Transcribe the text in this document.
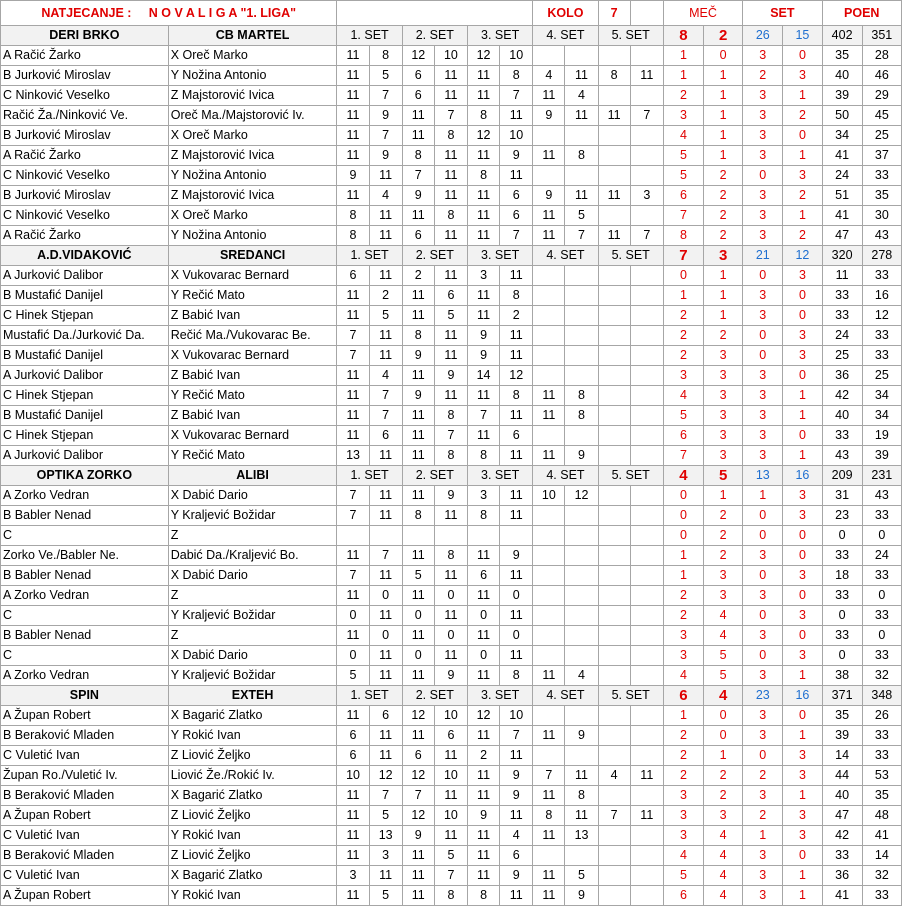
NATJECANJE : N O V A L I G A "1. LIGA"								KOLO		7		MEČ		SET		POEN	
DERI BRKO	CB MARTEL	1. SET		2. SET		3. SET		4. SET		5. SET		8	2	26	15	402	351
A Račić Žarko	X Oreč Marko	11	8	12	10	12	10					1	0	3	0	35	28
B Jurković Miroslav	Y Nožina Antonio	11	5	6	11	11	8	4	11	8	11	1	1	2	3	40	46
C Ninković Veselko	Z Majstorović Ivica	11	7	6	11	11	7	11	4			2	1	3	1	39	29
Račić Ža./Ninković Ve.	Oreč Ma./Majstorović Iv.	11	9	11	7	8	11	9	11	11	7	3	1	3	2	50	45
B Jurković Miroslav	X Oreč Marko	11	7	11	8	12	10					4	1	3	0	34	25
A Račić Žarko	Z Majstorović Ivica	11	9	8	11	11	9	11	8			5	1	3	1	41	37
C Ninković Veselko	Y Nožina Antonio	9	11	7	11	8	11					5	2	0	3	24	33
B Jurković Miroslav	Z Majstorović Ivica	11	4	9	11	11	6	9	11	11	3	6	2	3	2	51	35
C Ninković Veselko	X Oreč Marko	8	11	11	8	11	6	11	5			7	2	3	1	41	30
A Račić Žarko	Y Nožina Antonio	8	11	6	11	11	7	11	7	11	7	8	2	3	2	47	43
A.D.VIDAKOVIĆ	SREDANCI	1. SET		2. SET		3. SET		4. SET		5. SET		7	3	21	12	320	278
A Jurković Dalibor	X Vukovarac Bernard	6	11	2	11	3	11					0	1	0	3	11	33
B Mustafić Danijel	Y Rečić Mato	11	2	11	6	11	8					1	1	3	0	33	16
C Hinek Stjepan	Z Babić Ivan	11	5	11	5	11	2					2	1	3	0	33	12
Mustafić Da./Jurković Da.	Rečić Ma./Vukovarac Be.	7	11	8	11	9	11					2	2	0	3	24	33
B Mustafić Danijel	X Vukovarac Bernard	7	11	9	11	9	11					2	3	0	3	25	33
A Jurković Dalibor	Z Babić Ivan	11	4	11	9	14	12					3	3	3	0	36	25
C Hinek Stjepan	Y Rečić Mato	11	7	9	11	11	8	11	8			4	3	3	1	42	34
B Mustafić Danijel	Z Babić Ivan	11	7	11	8	7	11	11	8			5	3	3	1	40	34
C Hinek Stjepan	X Vukovarac Bernard	11	6	11	7	11	6					6	3	3	0	33	19
A Jurković Dalibor	Y Rečić Mato	13	11	11	8	8	11	11	9			7	3	3	1	43	39
OPTIKA ZORKO	ALIBI	1. SET		2. SET		3. SET		4. SET		5. SET		4	5	13	16	209	231
A Zorko Vedran	X Dabić Dario	7	11	11	9	3	11	10	12			0	1	1	3	31	43
B Babler Nenad	Y Kraljević Božidar	7	11	8	11	8	11					0	2	0	3	23	33
C	Z											0	2	0	0	0	0
Zorko Ve./Babler Ne.	Dabić Da./Kraljević Bo.	11	7	11	8	11	9					1	2	3	0	33	24
B Babler Nenad	X Dabić Dario	7	11	5	11	6	11					1	3	0	3	18	33
A Zorko Vedran	Z	11	0	11	0	11	0					2	3	3	0	33	0
C	Y Kraljević Božidar	0	11	0	11	0	11					2	4	0	3	0	33
B Babler Nenad	Z	11	0	11	0	11	0					3	4	3	0	33	0
C	X Dabić Dario	0	11	0	11	0	11					3	5	0	3	0	33
A Zorko Vedran	Y Kraljević Božidar	5	11	11	9	11	8	11	4			4	5	3	1	38	32
SPIN	EXTEH	1. SET		2. SET		3. SET		4. SET		5. SET		6	4	23	16	371	348
A Župan Robert	X Bagarić Zlatko	11	6	12	10	12	10					1	0	3	0	35	26
B Beraković Mladen	Y Rokić Ivan	6	11	11	6	11	7	11	9			2	0	3	1	39	33
C Vuletić Ivan	Z Liović Željko	6	11	6	11	2	11					2	1	0	3	14	33
Župan Ro./Vuletić Iv.	Liović Že./Rokić Iv.	10	12	12	10	11	9	7	11	4	11	2	2	2	3	44	53
B Beraković Mladen	X Bagarić Zlatko	11	7	7	11	11	9	11	8			3	2	3	1	40	35
A Župan Robert	Z Liović Željko	11	5	12	10	9	11	8	11	7	11	3	3	2	3	47	48
C Vuletić Ivan	Y Rokić Ivan	11	13	9	11	11	4	11	13			3	4	1	3	42	41
B Beraković Mladen	Z Liović Željko	11	3	11	5	11	6					4	4	3	0	33	14
C Vuletić Ivan	X Bagarić Zlatko	3	11	11	7	11	9	11	5			5	4	3	1	36	32
A Župan Robert	Y Rokić Ivan	11	5	11	8	8	11	11	9			6	4	3	1	41	33
